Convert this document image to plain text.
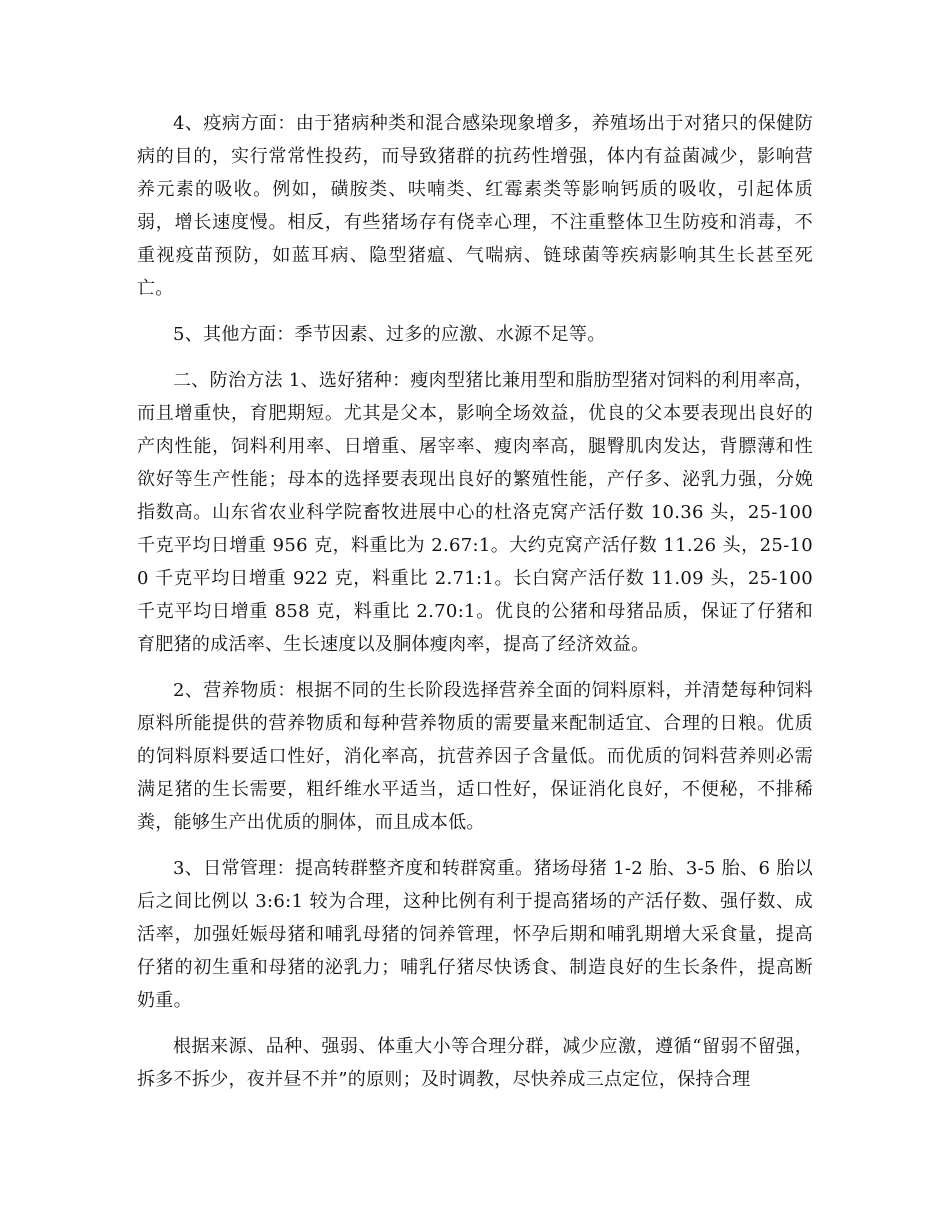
4、疫病方面：由于猪病种类和混合感染现象增多，养殖场出于对猪只的保健防病的目的，实行常常性投药，而导致猪群的抗药性增强，体内有益菌减少，影响营养元素的吸收。例如，磺胺类、呋喃类、红霉素类等影响钙质的吸收，引起体质弱，增长速度慢。相反，有些猪场存有侥幸心理，不注重整体卫生防疫和消毒，不重视疫苗预防，如蓝耳病、隐型猪瘟、气喘病、链球菌等疾病影响其生长甚至死亡。

5、其他方面：季节因素、过多的应激、水源不足等。

二、防治方法 1、选好猪种：瘦肉型猪比兼用型和脂肪型猪对饲料的利用率高，而且增重快，育肥期短。尤其是父本，影响全场效益，优良的父本要表现出良好的产肉性能，饲料利用率、日增重、屠宰率、瘦肉率高，腿臀肌肉发达，背膘薄和性欲好等生产性能；母本的选择要表现出良好的繁殖性能，产仔多、泌乳力强，分娩指数高。山东省农业科学院畜牧进展中心的杜洛克窝产活仔数 10.36 头，25-100 千克平均日增重 956 克，料重比为 2.67:1。大约克窝产活仔数 11.26 头，25-100 千克平均日增重 922 克，料重比 2.71:1。长白窝产活仔数 11.09 头，25-100 千克平均日增重 858 克，料重比 2.70:1。优良的公猪和母猪品质，保证了仔猪和育肥猪的成活率、生长速度以及胴体瘦肉率，提高了经济效益。

2、营养物质：根据不同的生长阶段选择营养全面的饲料原料，并清楚每种饲料原料所能提供的营养物质和每种营养物质的需要量来配制适宜、合理的日粮。优质的饲料原料要适口性好，消化率高，抗营养因子含量低。而优质的饲料营养则必需满足猪的生长需要，粗纤维水平适当，适口性好，保证消化良好，不便秘，不排稀粪，能够生产出优质的胴体，而且成本低。

3、日常管理：提高转群整齐度和转群窝重。猪场母猪 1-2 胎、3-5 胎、6 胎以后之间比例以 3:6:1 较为合理，这种比例有利于提高猪场的产活仔数、强仔数、成活率，加强妊娠母猪和哺乳母猪的饲养管理，怀孕后期和哺乳期增大采食量，提高仔猪的初生重和母猪的泌乳力；哺乳仔猪尽快诱食、制造良好的生长条件，提高断奶重。

根据来源、品种、强弱、体重大小等合理分群，减少应激，遵循“留弱不留强，拆多不拆少，夜并昼不并”的原则；及时调教，尽快养成三点定位，保持合理
